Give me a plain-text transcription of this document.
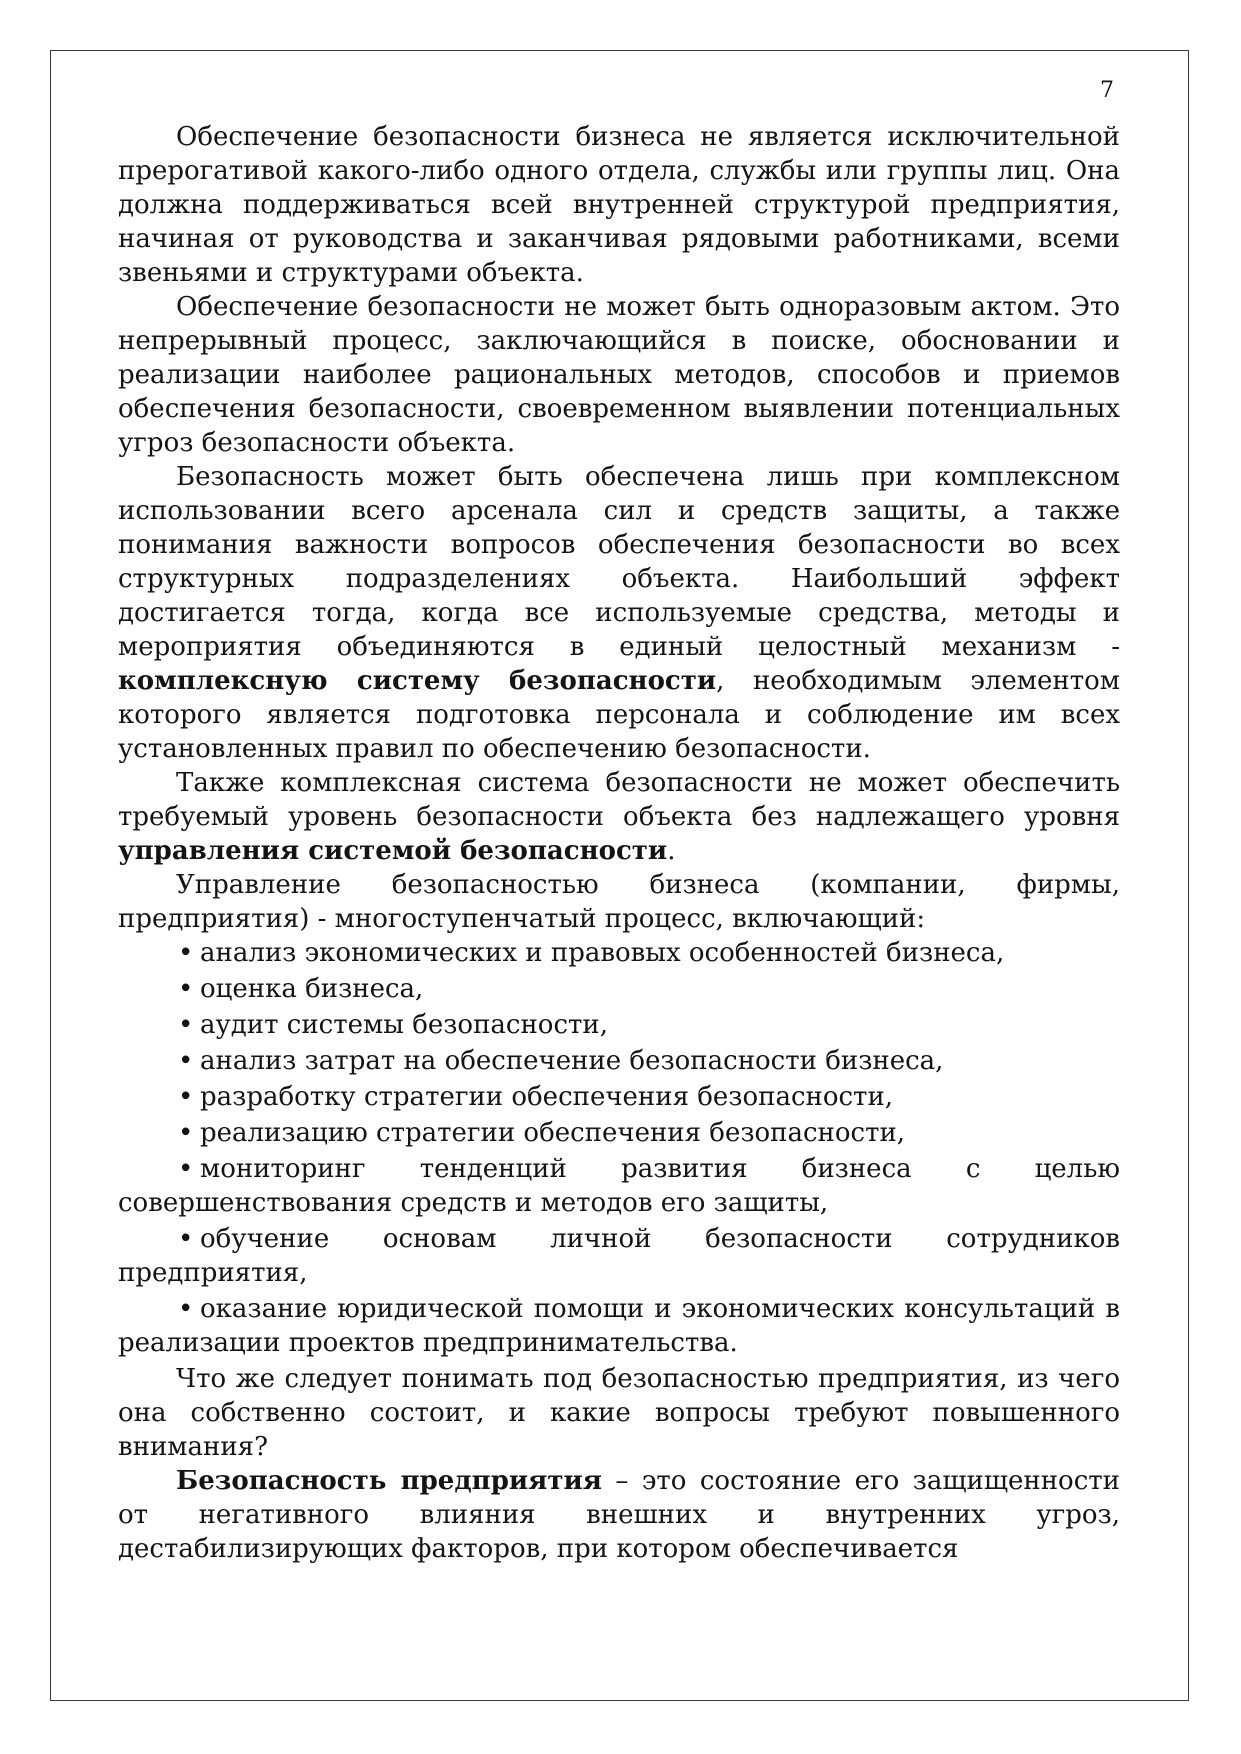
7

Обеспечение безопасности бизнеса не является исключительной прерогативой какого-либо одного отдела, службы или группы лиц. Она должна поддерживаться всей внутренней структурой предприятия, начиная от руководства и заканчивая рядовыми работниками, всеми звеньями и структурами объекта.

Обеспечение безопасности не может быть одноразовым актом. Это непрерывный процесс, заключающийся в поиске, обосновании и реализации наиболее рациональных методов, способов и приемов обеспечения безопасности, своевременном выявлении потенциальных угроз безопасности объекта.

Безопасность может быть обеспечена лишь при комплексном использовании всего арсенала сил и средств защиты, а также понимания важности вопросов обеспечения безопасности во всех структурных подразделениях объекта. Наибольший эффект достигается тогда, когда все используемые средства, методы и мероприятия объединяются в единый целостный механизм - комплексную систему безопасности, необходимым элементом которого является подготовка персонала и соблюдение им всех установленных правил по обеспечению безопасности.

Также комплексная система безопасности не может обеспечить требуемый уровень безопасности объекта без надлежащего уровня управления системой безопасности.

Управление безопасностью бизнеса (компании, фирмы, предприятия) - многоступенчатый процесс, включающий:

• анализ экономических и правовых особенностей бизнеса,

• оценка бизнеса,

• аудит системы безопасности,

• анализ затрат на обеспечение безопасности бизнеса,

• разработку стратегии обеспечения безопасности,

• реализацию стратегии обеспечения безопасности,

• мониторинг тенденций развития бизнеса с целью совершенствования средств и методов его защиты,

• обучение основам личной безопасности сотрудников предприятия,

• оказание юридической помощи и экономических консультаций в реализации проектов предпринимательства.

Что же следует понимать под безопасностью предприятия, из чего она собственно состоит, и какие вопросы требуют повышенного внимания?

Безопасность предприятия – это состояние его защищенности от негативного влияния внешних и внутренних угроз, дестабилизирующих факторов, при котором обеспечивается
